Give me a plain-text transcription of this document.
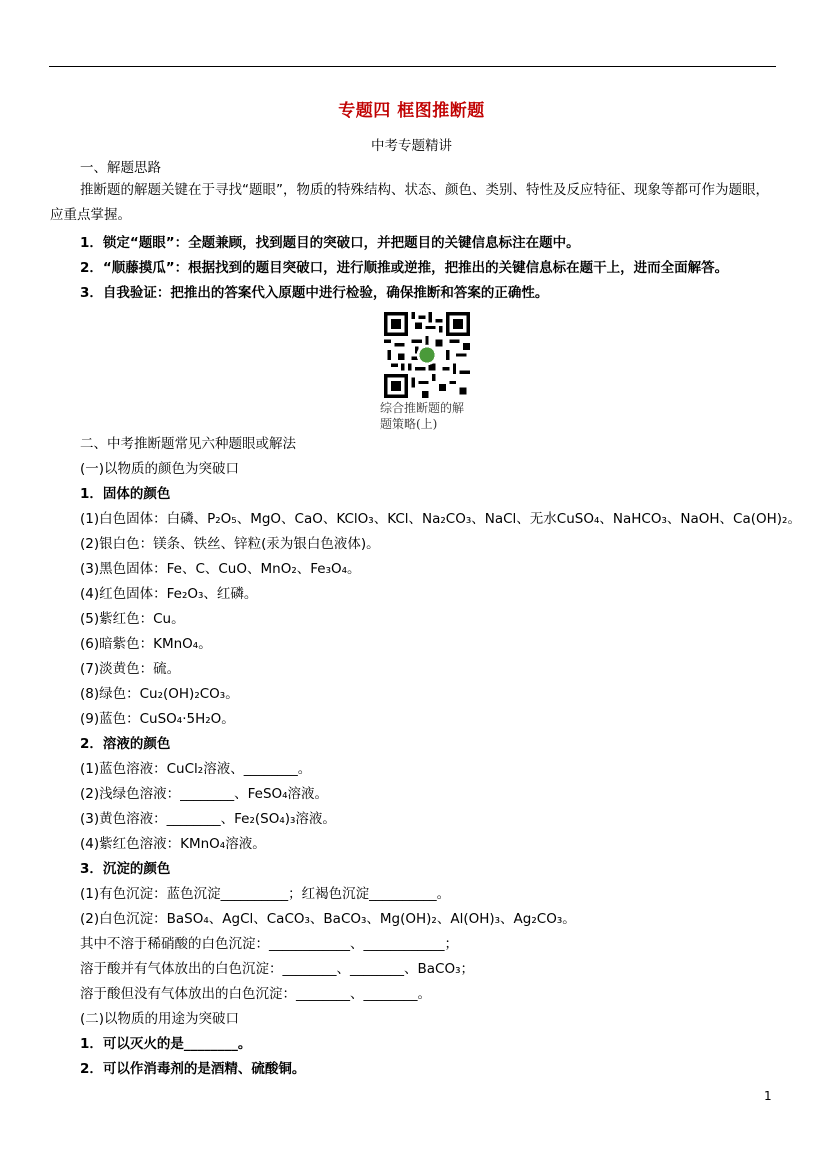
专题四 框图推断题
中考专题精讲
一、解题思路
推断题的解题关键在于寻找“题眼”，物质的特殊结构、状态、颜色、类别、特性及反应特征、现象等都可作为题眼，应重点掌握。
1．锁定“题眼”：全题兼顾，找到题目的突破口，并把题目的关键信息标注在题中。
2．“顺藤摸瓜”：根据找到的题目突破口，进行顺推或逆推，把推出的关键信息标在题干上，进而全面解答。
3．自我验证：把推出的答案代入原题中进行检验，确保推断和答案的正确性。
综合推断题的解
题策略(上)
二、中考推断题常见六种题眼或解法
(一)以物质的颜色为突破口
1．固体的颜色
(1)白色固体：白磷、P₂O₅、MgO、CaO、KClO₃、KCl、Na₂CO₃、NaCl、无水CuSO₄、NaHCO₃、NaOH、Ca(OH)₂。
(2)银白色：镁条、铁丝、锌粒(汞为银白色液体)。
(3)黑色固体：Fe、C、CuO、MnO₂、Fe₃O₄。
(4)红色固体：Fe₂O₃、红磷。
(5)紫红色：Cu。
(6)暗紫色：KMnO₄。
(7)淡黄色：硫。
(8)绿色：Cu₂(OH)₂CO₃。
(9)蓝色：CuSO₄·5H₂O。
2．溶液的颜色
(1)蓝色溶液：CuCl₂溶液、________。
(2)浅绿色溶液：________、FeSO₄溶液。
(3)黄色溶液：________、Fe₂(SO₄)₃溶液。
(4)紫红色溶液：KMnO₄溶液。
3．沉淀的颜色
(1)有色沉淀：蓝色沉淀__________；红褐色沉淀__________。
(2)白色沉淀：BaSO₄、AgCl、CaCO₃、BaCO₃、Mg(OH)₂、Al(OH)₃、Ag₂CO₃。
其中不溶于稀硝酸的白色沉淀：____________、____________；
溶于酸并有气体放出的白色沉淀：________、________、BaCO₃；
溶于酸但没有气体放出的白色沉淀：________、________。
(二)以物质的用途为突破口
1．可以灭火的是________。
2．可以作消毒剂的是酒精、硫酸铜。
1
